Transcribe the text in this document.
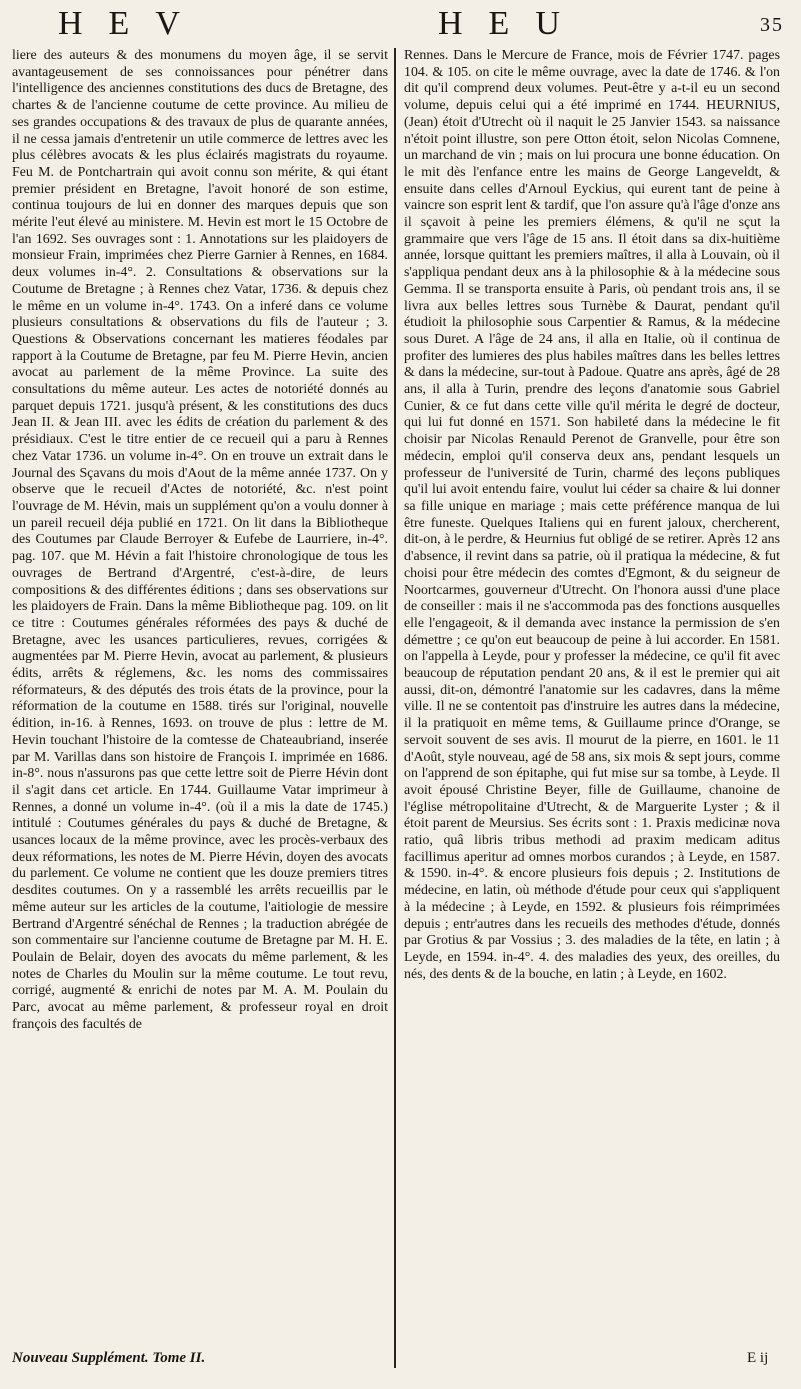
HEV	HEU	35

liere des auteurs & des monumens du moyen âge, il se servit avantageusement de ses connoissances pour pénétrer dans l'intelligence des anciennes constitutions des ducs de Bretagne, des chartes & de l'ancienne coutume de cette province. Au milieu de ses grandes occupations & des travaux de plus de quarante années, il ne cessa jamais d'entretenir un utile commerce de lettres avec les plus célèbres avocats & les plus éclairés magistrats du royaume. Feu M. de Pontchartrain qui avoit connu son mérite, & qui étant premier président en Bretagne, l'avoit honoré de son estime, continua toujours de lui en donner des marques depuis que son mérite l'eut élevé au ministere. M. Hevin est mort le 15 Octobre de l'an 1692. Ses ouvrages sont : 1. Annotations sur les plaidoyers de monsieur Frain, imprimées chez Pierre Garnier à Rennes, en 1684. deux volumes in-4°. 2. Consultations & observations sur la Coutume de Bretagne ; à Rennes chez Vatar, 1736. & depuis chez le même en un volume in-4°. 1743. On a inferé dans ce volume plusieurs consultations & observations du fils de l'auteur ; 3. Questions & Observations concernant les matieres féodales par rapport à la Coutume de Bretagne, par feu M. Pierre Hevin, ancien avocat au parlement de la même Province. La suite des consultations du même auteur. Les actes de notoriété donnés au parquet depuis 1721. jusqu'à présent, & les constitutions des ducs Jean II. & Jean III. avec les édits de création du parlement & des présidiaux. C'est le titre entier de ce recueil qui a paru à Rennes chez Vatar 1736. un volume in-4°. On en trouve un extrait dans le Journal des Sçavans du mois d'Aout de la même année 1737. On y observe que le recueil d'Actes de notoriété, &c. n'est point l'ouvrage de M. Hévin, mais un supplément qu'on a voulu donner à un pareil recueil déja publié en 1721. On lit dans la Bibliotheque des Coutumes par Claude Berroyer & Eufebe de Laurriere, in-4°. pag. 107. que M. Hévin a fait l'histoire chronologique de tous les ouvrages de Bertrand d'Argentré, c'est-à-dire, de leurs compositions & des différentes éditions ; dans ses observations sur les plaidoyers de Frain. Dans la même Bibliotheque pag. 109. on lit ce titre : Coutumes générales réformées des pays & duché de Bretagne, avec les usances particulieres, revues, corrigées & augmentées par M. Pierre Hevin, avocat au parlement, & plusieurs édits, arrêts & réglemens, &c. les noms des commissaires réformateurs, & des députés des trois états de la province, pour la réformation de la coutume en 1588. tirés sur l'original, nouvelle édition, in-16. à Rennes, 1693. on trouve de plus : lettre de M. Hevin touchant l'histoire de la comtesse de Chateaubriand, inserée par M. Varillas dans son histoire de François I. imprimée en 1686. in-8°. nous n'assurons pas que cette lettre soit de Pierre Hévin dont il s'agit dans cet article. En 1744. Guillaume Vatar imprimeur à Rennes, a donné un volume in-4°. (où il a mis la date de 1745.) intitulé : Coutumes générales du pays & duché de Bretagne, & usances locaux de la même province, avec les procès-verbaux des deux réformations, les notes de M. Pierre Hévin, doyen des avocats du parlement. Ce volume ne contient que les douze premiers titres desdites coutumes. On y a rassemblé les arrêts recueillis par le même auteur sur les articles de la coutume, l'aitiologie de messire Bertrand d'Argentré sénéchal de Rennes ; la traduction abrégée de son commentaire sur l'ancienne coutume de Bretagne par M. H. E. Poulain de Belair, doyen des avocats du même parlement, & les notes de Charles du Moulin sur la même coutume. Le tout revu, corrigé, augmenté & enrichi de notes par M. A. M. Poulain du Parc, avocat au même parlement, & professeur royal en droit françois des facultés de

Rennes. Dans le Mercure de France, mois de Février 1747. pages 104. & 105. on cite le même ouvrage, avec la date de 1746. & l'on dit qu'il comprend deux volumes. Peut-être y a-t-il eu un second volume, depuis celui qui a été imprimé en 1744. HEURNIUS, (Jean) étoit d'Utrecht où il naquit le 25 Janvier 1543. sa naissance n'étoit point illustre, son pere Otton étoit, selon Nicolas Comnene, un marchand de vin ; mais on lui procura une bonne éducation. On le mit dès l'enfance entre les mains de George Langeveldt, & ensuite dans celles d'Arnoul Eyckius, qui eurent tant de peine à vaincre son esprit lent & tardif, que l'on assure qu'à l'âge d'onze ans il sçavoit à peine les premiers élémens, & qu'il ne sçut la grammaire que vers l'âge de 15 ans. Il étoit dans sa dix-huitième année, lorsque quittant les premiers maîtres, il alla à Louvain, où il s'appliqua pendant deux ans à la philosophie & à la médecine sous Gemma. Il se transporta ensuite à Paris, où pendant trois ans, il se livra aux belles lettres sous Turnèbe & Daurat, pendant qu'il étudioit la philosophie sous Carpentier & Ramus, & la médecine sous Duret. A l'âge de 24 ans, il alla en Italie, où il continua de profiter des lumieres des plus habiles maîtres dans les belles lettres & dans la médecine, sur-tout à Padoue. Quatre ans après, âgé de 28 ans, il alla à Turin, prendre des leçons d'anatomie sous Gabriel Cunier, & ce fut dans cette ville qu'il mérita le degré de docteur, qui lui fut donné en 1571. Son habileté dans la médecine le fit choisir par Nicolas Renauld Perenot de Granvelle, pour être son médecin, emploi qu'il conserva deux ans, pendant lesquels un professeur de l'université de Turin, charmé des leçons publiques qu'il lui avoit entendu faire, voulut lui céder sa chaire & lui donner sa fille unique en mariage ; mais cette préférence manqua de lui être funeste. Quelques Italiens qui en furent jaloux, chercherent, dit-on, à le perdre, & Heurnius fut obligé de se retirer. Après 12 ans d'absence, il revint dans sa patrie, où il pratiqua la médecine, & fut choisi pour être médecin des comtes d'Egmont, & du seigneur de Noortcarmes, gouverneur d'Utrecht. On l'honora aussi d'une place de conseiller : mais il ne s'accommoda pas des fonctions ausquelles elle l'engageoit, & il demanda avec instance la permission de s'en démettre ; ce qu'on eut beaucoup de peine à lui accorder. En 1581. on l'appella à Leyde, pour y professer la médecine, ce qu'il fit avec beaucoup de réputation pendant 20 ans, & il est le premier qui ait aussi, dit-on, démontré l'anatomie sur les cadavres, dans la même ville. Il ne se contentoit pas d'instruire les autres dans la médecine, il la pratiquoit en même tems, & Guillaume prince d'Orange, se servoit souvent de ses avis. Il mourut de la pierre, en 1601. le 11 d'Août, style nouveau, agé de 58 ans, six mois & sept jours, comme on l'apprend de son épitaphe, qui fut mise sur sa tombe, à Leyde. Il avoit épousé Christine Beyer, fille de Guillaume, chanoine de l'église métropolitaine d'Utrecht, & de Marguerite Lyster ; & il étoit parent de Meursius. Ses écrits sont : 1. Praxis medicinæ nova ratio, quâ libris tribus methodi ad praxim medicam aditus facillimus aperitur ad omnes morbos curandos ; à Leyde, en 1587. & 1590. in-4°. & encore plusieurs fois depuis ; 2. Institutions de médecine, en latin, où méthode d'étude pour ceux qui s'appliquent à la médecine ; à Leyde, en 1592. & plusieurs fois réimprimées depuis ; entr'autres dans les recueils des methodes d'étude, donnés par Grotius & par Vossius ; 3. des maladies de la tête, en latin ; à Leyde, en 1594. in-4°. 4. des maladies des yeux, des oreilles, du nés, des dents & de la bouche, en latin ; à Leyde, en 1602.

Nouveau Supplément. Tome II.	E ij
